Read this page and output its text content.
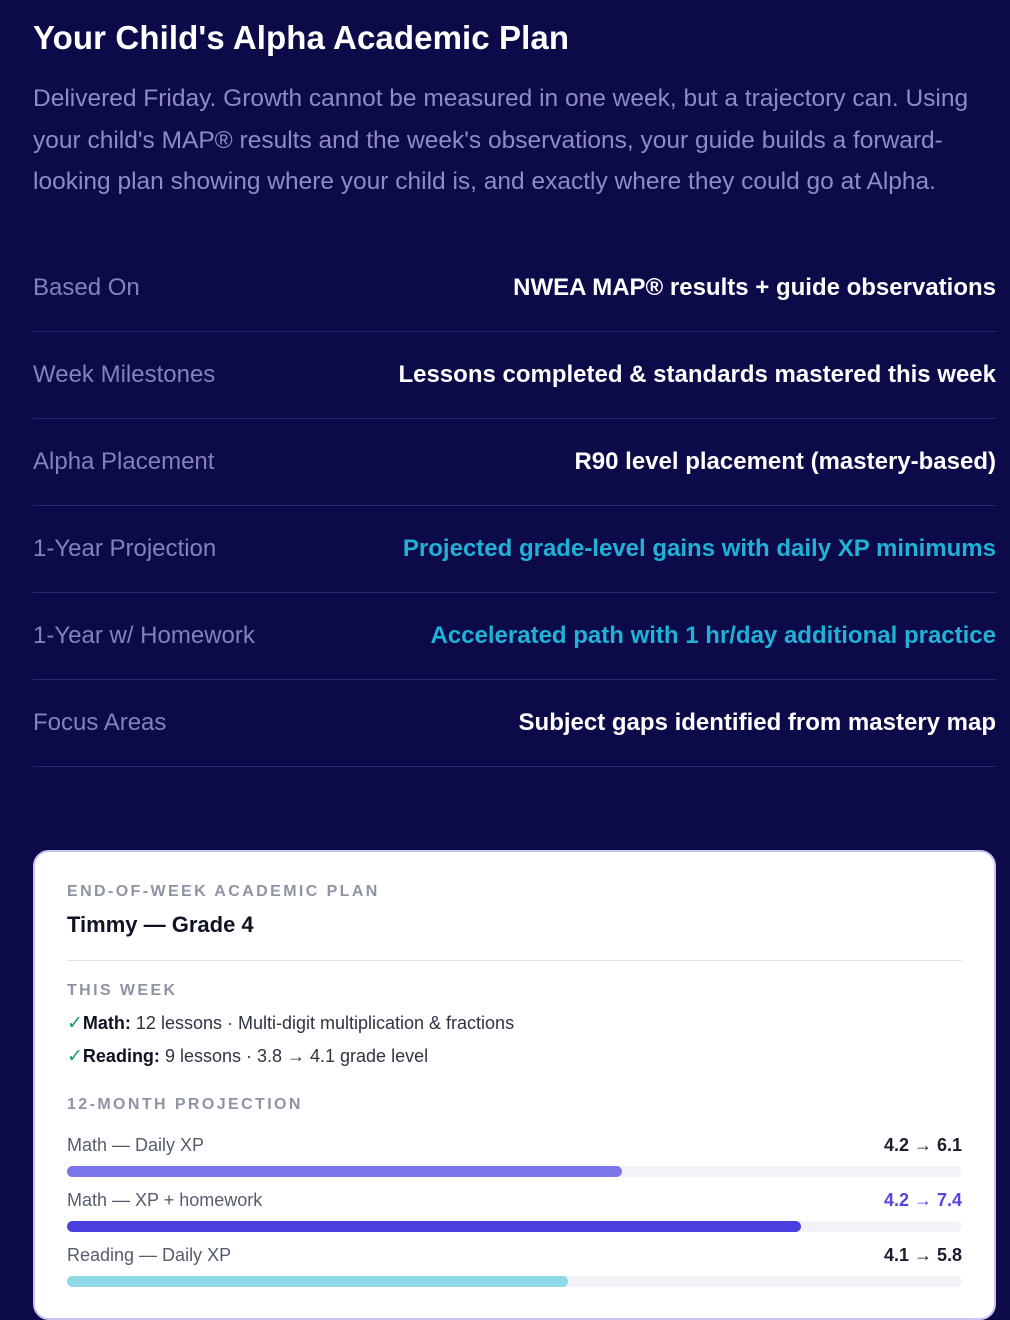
Your Child's Alpha Academic Plan

Delivered Friday. Growth cannot be measured in one week, but a trajectory can. Using your child's MAP® results and the week's observations, your guide builds a forward-looking plan showing where your child is, and exactly where they could go at Alpha.

Based On	NWEA MAP® results + guide observations
Week Milestones	Lessons completed & standards mastered this week
Alpha Placement	R90 level placement (mastery-based)
1-Year Projection	Projected grade-level gains with daily XP minimums
1-Year w/ Homework	Accelerated path with 1 hr/day additional practice
Focus Areas	Subject gaps identified from mastery map
END-OF-WEEK ACADEMIC PLAN
Timmy — Grade 4
THIS WEEK
✓Math: 12 lessons · Multi-digit multiplication & fractions
✓Reading: 9 lessons · 3.8 → 4.1 grade level
12-MONTH PROJECTION
Math — Daily XP	4.2 → 6.1
Math — XP + homework	4.2 → 7.4
Reading — Daily XP	4.1 → 5.8
